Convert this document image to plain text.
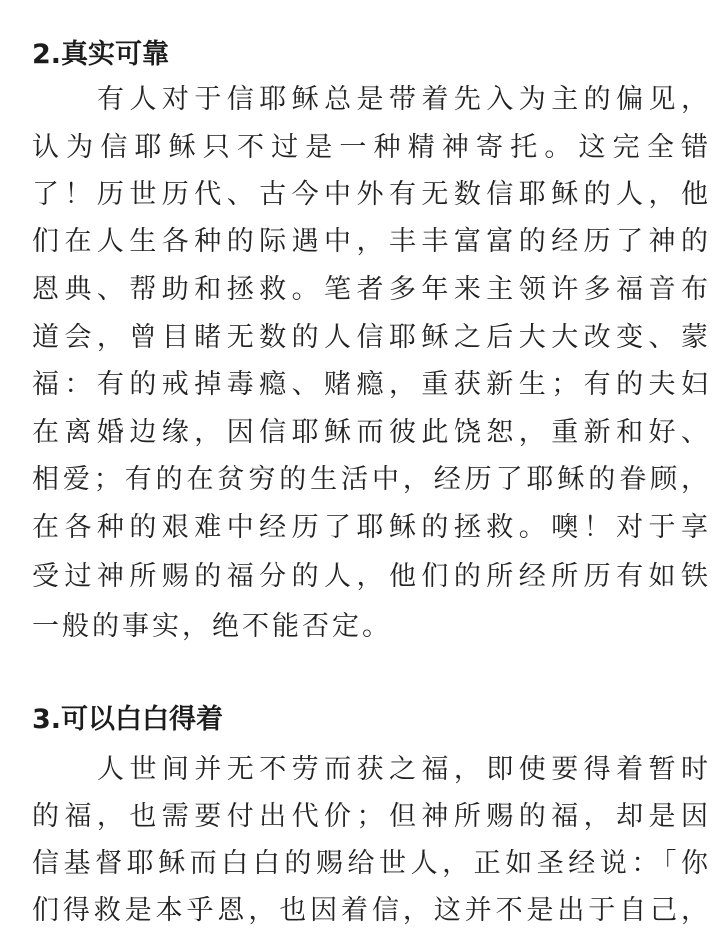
2.真实可靠
有人对于信耶稣总是带着先入为主的偏见，
认为信耶稣只不过是一种精神寄托。这完全错
了！历世历代、古今中外有无数信耶稣的人，他
们在人生各种的际遇中，丰丰富富的经历了神的
恩典、帮助和拯救。笔者多年来主领许多福音布
道会，曾目睹无数的人信耶稣之后大大改变、蒙
福：有的戒掉毒瘾、赌瘾，重获新生；有的夫妇
在离婚边缘，因信耶稣而彼此饶恕，重新和好、
相爱；有的在贫穷的生活中，经历了耶稣的眷顾，
在各种的艰难中经历了耶稣的拯救。噢！对于享
受过神所赐的福分的人，他们的所经所历有如铁
一般的事实，绝不能否定。
3.可以白白得着
人世间并无不劳而获之福，即使要得着暂时
的福，也需要付出代价；但神所赐的福，却是因
信基督耶稣而白白的赐给世人，正如圣经说：「你
们得救是本乎恩，也因着信，这并不是出于自己，
